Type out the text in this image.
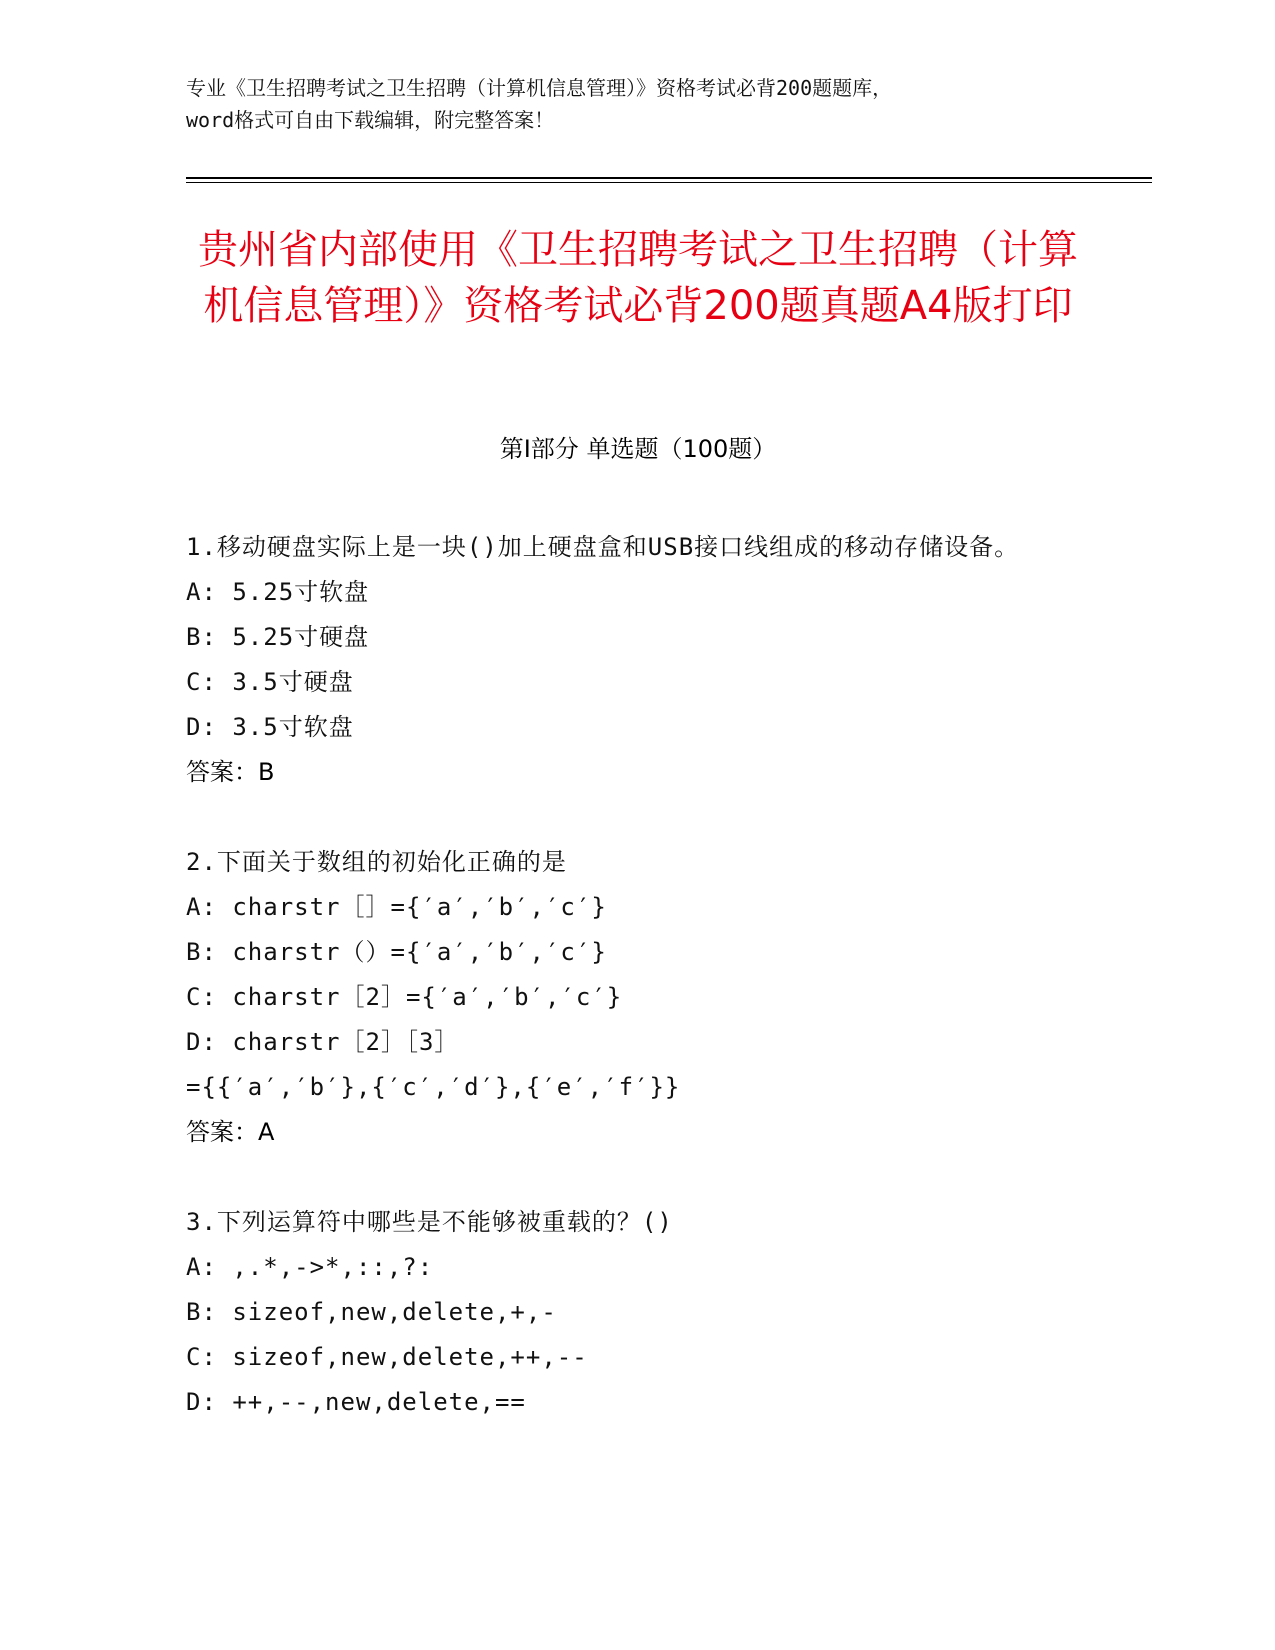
专业《卫生招聘考试之卫生招聘（计算机信息管理）》资格考试必背200题题库，
word格式可自由下载编辑，附完整答案！
贵州省内部使用《卫生招聘考试之卫生招聘（计算机信息管理）》资格考试必背200题真题A4版打印
第Ⅰ部分 单选题（100题）
1.移动硬盘实际上是一块()加上硬盘盒和USB接口线组成的移动存储设备。
A: 5.25寸软盘
B: 5.25寸硬盘
C: 3.5寸硬盘
D: 3.5寸软盘
答案：B
2.下面关于数组的初始化正确的是
A: charstr［］={′a′,′b′,′c′}
B: charstr（）={′a′,′b′,′c′}
C: charstr［2］={′a′,′b′,′c′}
D: charstr［2］［3］
={{′a′,′b′},{′c′,′d′},{′e′,′f′}}
答案：A
3.下列运算符中哪些是不能够被重载的？()
A: ,.*,->*,::,?:
B: sizeof,new,delete,+,-
C: sizeof,new,delete,++,--
D: ++,--,new,delete,==
